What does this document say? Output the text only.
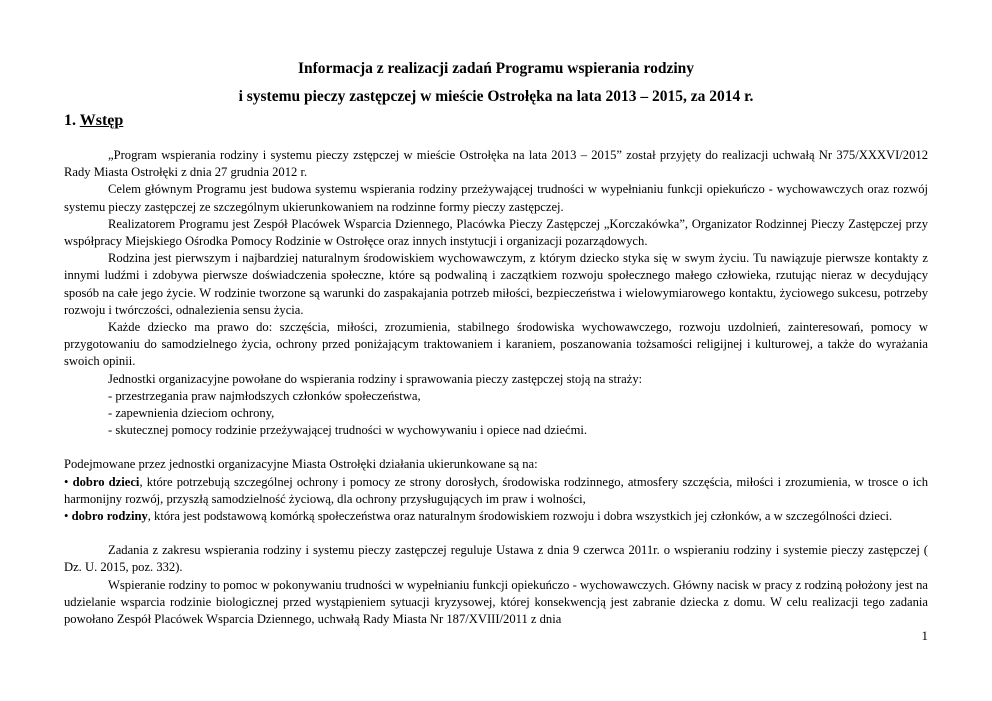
Informacja z realizacji zadań Programu wspierania rodziny
i systemu pieczy zastępczej w mieście Ostrołęka na lata 2013 – 2015, za 2014 r.
1. Wstęp

„Program wspierania rodziny i systemu pieczy zstępczej w mieście Ostrołęka na lata 2013 – 2015” został przyjęty do realizacji uchwałą Nr 375/XXXVI/2012 Rady Miasta Ostrołęki z dnia 27 grudnia 2012 r.

Celem głównym Programu jest budowa systemu wspierania rodziny przeżywającej trudności w wypełnianiu funkcji opiekuńczo - wychowawczych oraz rozwój systemu pieczy zastępczej ze szczególnym ukierunkowaniem na rodzinne formy pieczy zastępczej.

Realizatorem Programu jest Zespół Placówek Wsparcia Dziennego, Placówka Pieczy Zastępczej „Korczakówka”, Organizator Rodzinnej Pieczy Zastępczej przy współpracy Miejskiego Ośrodka Pomocy Rodzinie w Ostrołęce oraz innych instytucji i organizacji pozarządowych.

Rodzina jest pierwszym i najbardziej naturalnym środowiskiem wychowawczym, z którym dziecko styka się w swym życiu. Tu nawiązuje pierwsze kontakty z innymi ludźmi i zdobywa pierwsze doświadczenia społeczne, które są podwaliną i zaczątkiem rozwoju społecznego małego człowieka, rzutując nieraz w decydujący sposób na całe jego życie. W rodzinie tworzone są warunki do zaspakajania potrzeb miłości, bezpieczeństwa i wielowymiarowego kontaktu, życiowego sukcesu, potrzeby rozwoju i twórczości, odnalezienia sensu życia.

Każde dziecko ma prawo do: szczęścia, miłości, zrozumienia, stabilnego środowiska wychowawczego, rozwoju uzdolnień, zainteresowań, pomocy w przygotowaniu do samodzielnego życia, ochrony przed poniżającym traktowaniem i karaniem, poszanowania tożsamości religijnej i kulturowej, a także do wyrażania swoich opinii.

Jednostki organizacyjne powołane do wspierania rodziny i sprawowania pieczy zastępczej stoją na straży:

- przestrzegania praw najmłodszych członków społeczeństwa,

- zapewnienia dzieciom ochrony,

- skutecznej pomocy rodzinie przeżywającej trudności w wychowywaniu i opiece nad dziećmi.

Podejmowane przez jednostki organizacyjne Miasta Ostrołęki działania ukierunkowane są na:

• dobro dzieci, które potrzebują szczególnej ochrony i pomocy ze strony dorosłych, środowiska rodzinnego, atmosfery szczęścia, miłości i zrozumienia, w trosce o ich harmonijny rozwój, przyszłą samodzielność życiową, dla ochrony przysługujących im praw i wolności,

• dobro rodziny, która jest podstawową komórką społeczeństwa oraz naturalnym środowiskiem rozwoju i dobra wszystkich jej członków, a w szczególności dzieci.

Zadania z zakresu wspierania rodziny i systemu pieczy zastępczej reguluje Ustawa z dnia 9 czerwca 2011r. o wspieraniu rodziny i systemie pieczy zastępczej ( Dz. U. 2015, poz. 332).

Wspieranie rodziny to pomoc w pokonywaniu trudności w wypełnianiu funkcji opiekuńczo - wychowawczych. Główny nacisk w pracy z rodziną położony jest na udzielanie wsparcia rodzinie biologicznej przed wystąpieniem sytuacji kryzysowej, której konsekwencją jest zabranie dziecka z domu. W celu realizacji tego zadania powołano Zespół Placówek Wsparcia Dziennego, uchwałą Rady Miasta Nr 187/XVIII/2011 z dnia

1
